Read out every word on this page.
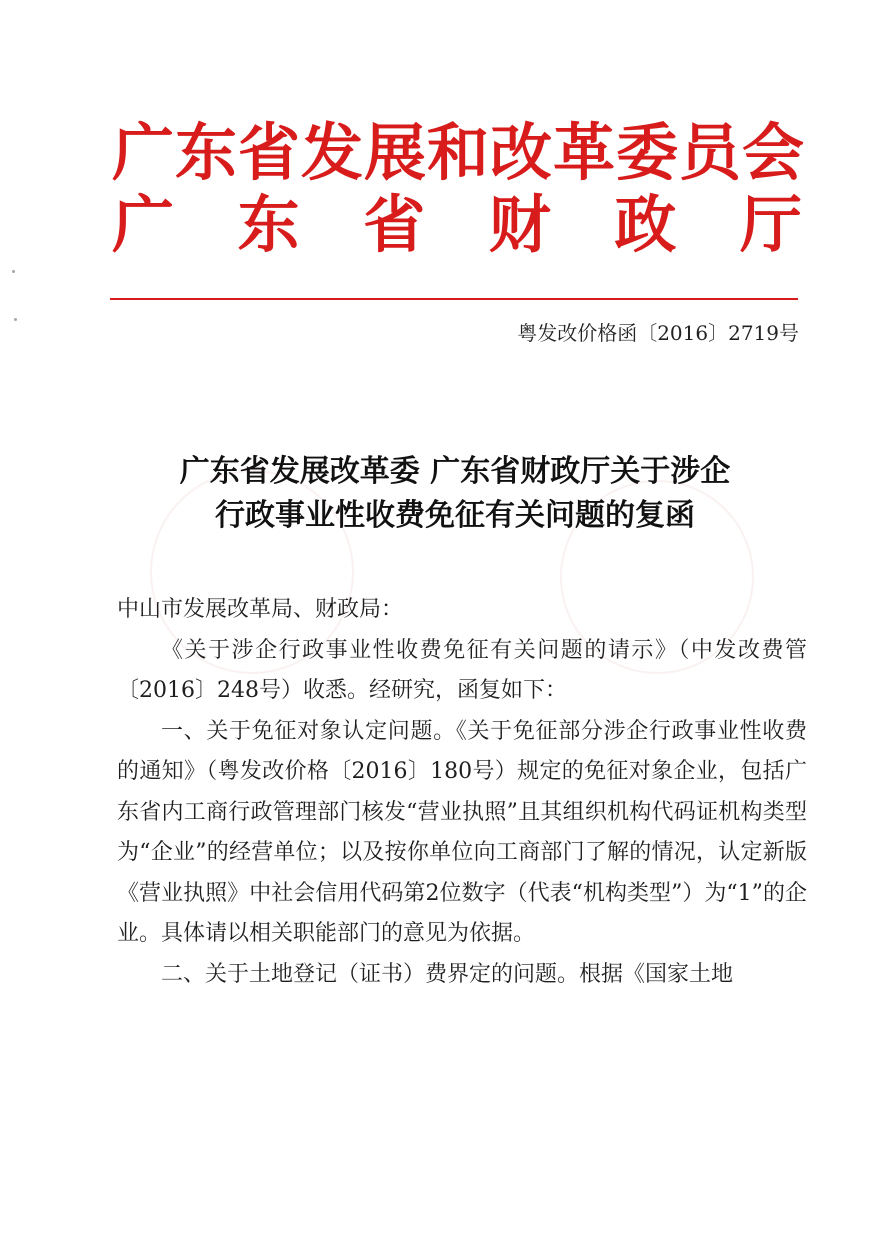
广东省发展和改革委员会
广　东　省　财　政　厅
粤发改价格函〔2016〕2719号
广东省发展改革委 广东省财政厅关于涉企
行政事业性收费免征有关问题的复函

中山市发展改革局、财政局：

《关于涉企行政事业性收费免征有关问题的请示》（中发改费管〔2016〕248号）收悉。经研究，函复如下：

一、关于免征对象认定问题。《关于免征部分涉企行政事业性收费的通知》（粤发改价格〔2016〕180号）规定的免征对象企业，包括广东省内工商行政管理部门核发“营业执照”且其组织机构代码证机构类型为“企业”的经营单位；以及按你单位向工商部门了解的情况，认定新版《营业执照》中社会信用代码第2位数字（代表“机构类型”）为“1”的企业。具体请以相关职能部门的意见为依据。

二、关于土地登记（证书）费界定的问题。根据《国家土地
